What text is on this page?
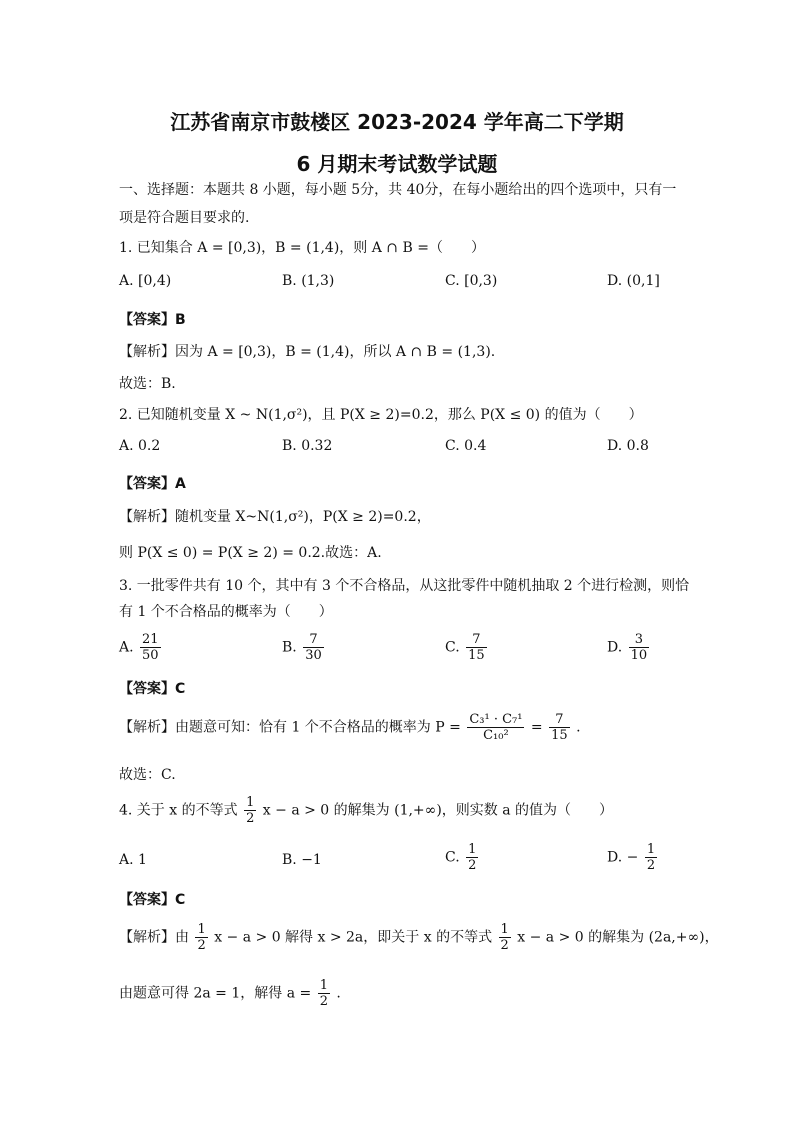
江苏省南京市鼓楼区 2023-2024 学年高二下学期
6 月期末考试数学试题
一、选择题：本题共 8 小题，每小题 5分，共 40分，在每小题给出的四个选项中，只有一
项是符合题目要求的.
1. 已知集合 A = [0,3)，B = (1,4)，则 A ∩ B =（　　）
A. [0,4)	B. (1,3)	C. [0,3)	D. (0,1]
【答案】B
【解析】因为 A = [0,3)，B = (1,4)，所以 A ∩ B = (1,3).
故选：B.
2. 已知随机变量 X ~ N(1,σ²)，且 P(X ≥ 2)=0.2，那么 P(X ≤ 0) 的值为（　　）
A. 0.2	B. 0.32	C. 0.4	D. 0.8
【答案】A
【解析】随机变量 X~N(1,σ²)，P(X ≥ 2)=0.2，
则 P(X ≤ 0) = P(X ≥ 2) = 0.2.故选：A.
3. 一批零件共有 10 个，其中有 3 个不合格品，从这批零件中随机抽取 2 个进行检测，则恰
有 1 个不合格品的概率为（　　）
A. $\frac{21}{50}$	B. $\frac{7}{30}$	C. $\frac{7}{15}$	D. $\frac{3}{10}$
【答案】C
【解析】由题意可知：恰有 1 个不合格品的概率为 $P = \frac{\text{C₃¹ · C₇¹}}{\text{C₁₀²}} = \frac{7}{15}$ .
故选：C.
4. 关于 x 的不等式 $\frac{1}{2}$ x − a > 0 的解集为 (1,+∞)，则实数 a 的值为（　　）
A. 1	B. −1	C. $\frac{1}{2}$	D. − $\frac{1}{2}$
【答案】C
【解析】由 $\frac{1}{2}$ x − a > 0 解得 x > 2a，即关于 x 的不等式 $\frac{1}{2}$ x − a > 0 的解集为 (2a,+∞)，
由题意可得 2a = 1，解得 $a = \frac{1}{2}$ .
